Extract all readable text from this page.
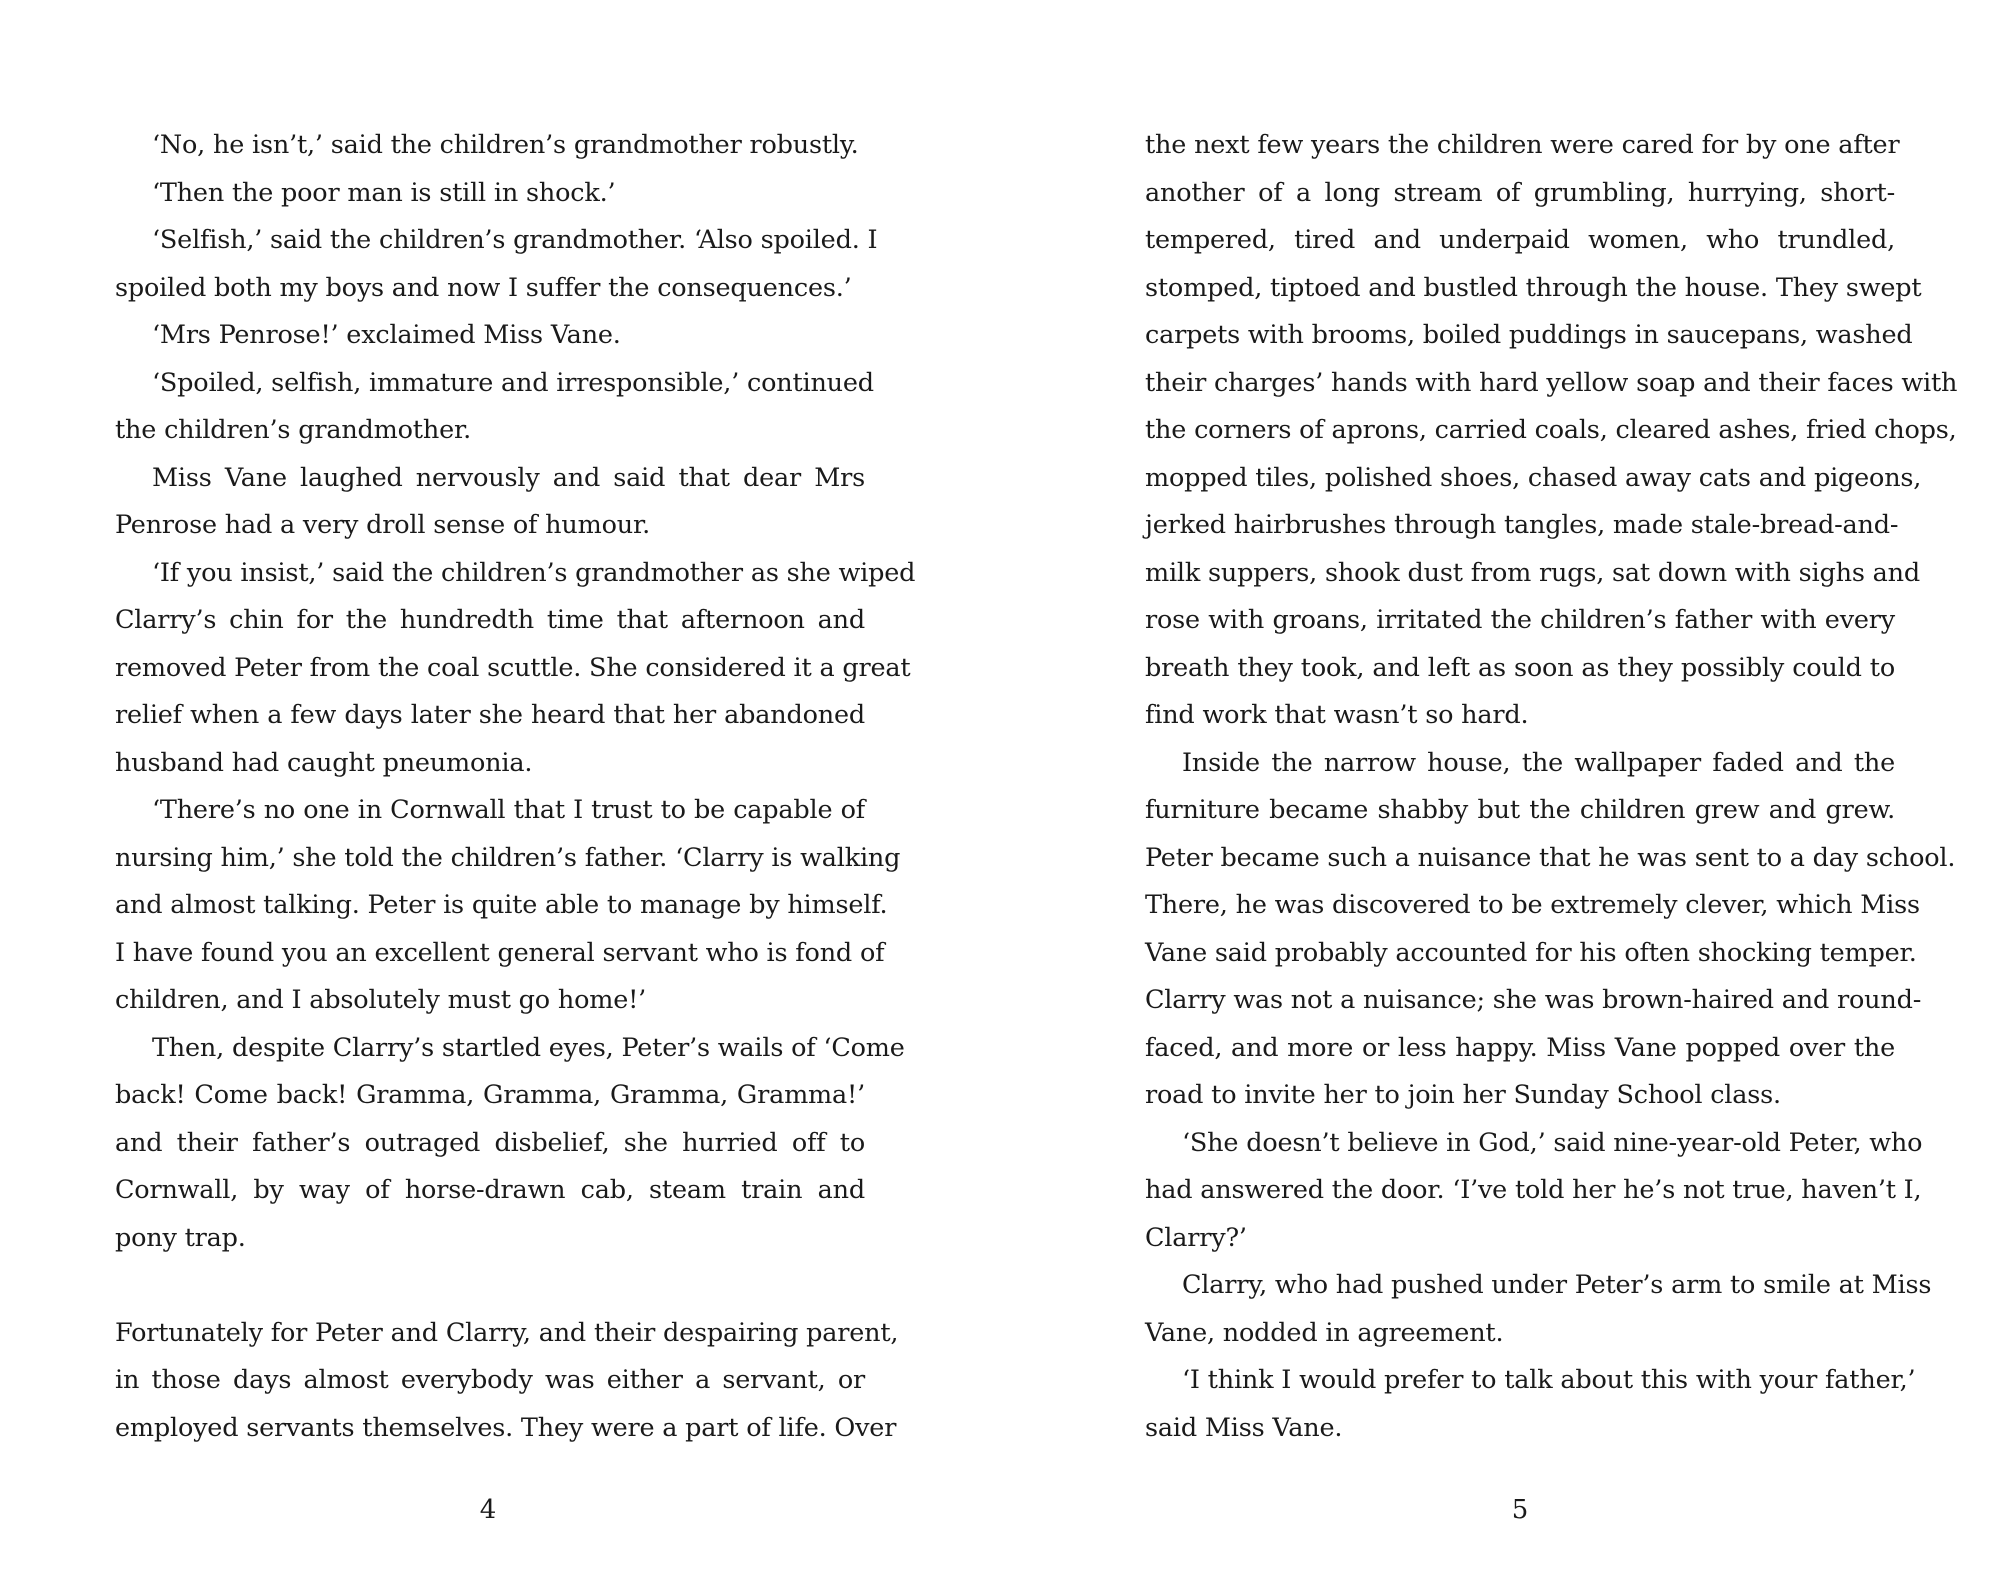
‘No, he isn’t,’ said the children’s grandmother robustly.
‘Then the poor man is still in shock.’
‘Selfish,’ said the children’s grandmother. ‘Also spoiled. I
spoiled both my boys and now I suffer the consequences.’
‘Mrs Penrose!’ exclaimed Miss Vane.
‘Spoiled, selfish, immature and irresponsible,’ continued
the children’s grandmother.
Miss Vane laughed nervously and said that dear Mrs
Penrose had a very droll sense of humour.
‘If you insist,’ said the children’s grandmother as she wiped
Clarry’s chin for the hundredth time that afternoon and
removed Peter from the coal scuttle. She considered it a great
relief when a few days later she heard that her abandoned
husband had caught pneumonia.
‘There’s no one in Cornwall that I trust to be capable of
nursing him,’ she told the children’s father. ‘Clarry is walking
and almost talking. Peter is quite able to manage by himself.
I have found you an excellent general servant who is fond of
children, and I absolutely must go home!’
Then, despite Clarry’s startled eyes, Peter’s wails of ‘Come
back! Come back! Gramma, Gramma, Gramma, Gramma!’
and their father’s outraged disbelief, she hurried off to
Cornwall, by way of horse-drawn cab, steam train and
pony trap.
Fortunately for Peter and Clarry, and their despairing parent,
in those days almost everybody was either a servant, or
employed servants themselves. They were a part of life. Over
the next few years the children were cared for by one after
another of a long stream of grumbling, hurrying, short-
tempered, tired and underpaid women, who trundled,
stomped, tiptoed and bustled through the house. They swept
carpets with brooms, boiled puddings in saucepans, washed
their charges’ hands with hard yellow soap and their faces with
the corners of aprons, carried coals, cleared ashes, fried chops,
mopped tiles, polished shoes, chased away cats and pigeons,
jerked hairbrushes through tangles, made stale-bread-and-
milk suppers, shook dust from rugs, sat down with sighs and
rose with groans, irritated the children’s father with every
breath they took, and left as soon as they possibly could to
find work that wasn’t so hard.
Inside the narrow house, the wallpaper faded and the
furniture became shabby but the children grew and grew.
Peter became such a nuisance that he was sent to a day school.
There, he was discovered to be extremely clever, which Miss
Vane said probably accounted for his often shocking temper.
Clarry was not a nuisance; she was brown-haired and round-
faced, and more or less happy. Miss Vane popped over the
road to invite her to join her Sunday School class.
‘She doesn’t believe in God,’ said nine-year-old Peter, who
had answered the door. ‘I’ve told her he’s not true, haven’t I,
Clarry?’
Clarry, who had pushed under Peter’s arm to smile at Miss
Vane, nodded in agreement.
‘I think I would prefer to talk about this with your father,’
said Miss Vane.
4	5
